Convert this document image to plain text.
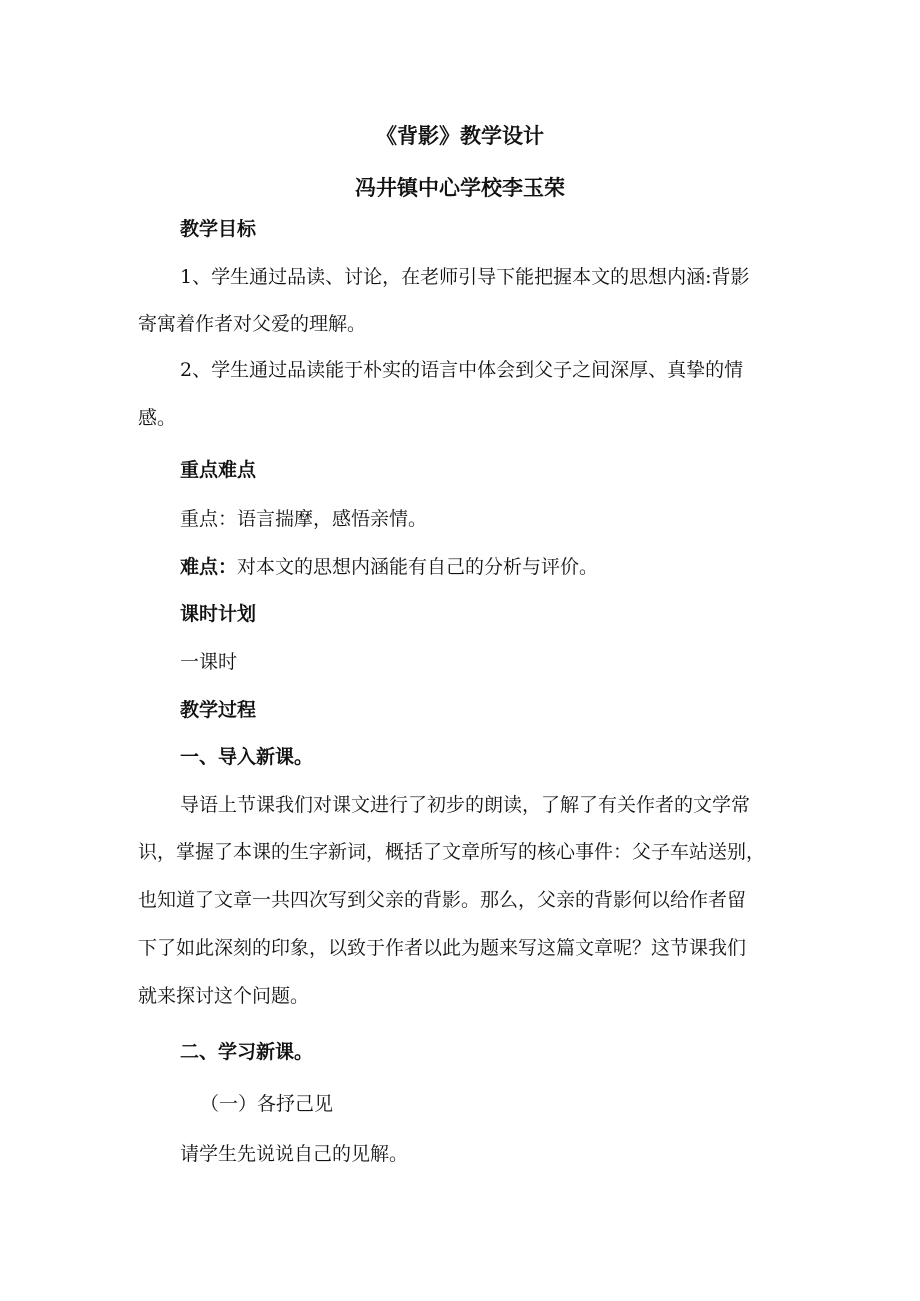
《背影》教学设计
冯井镇中心学校李玉荣
教学目标
1、学生通过品读、讨论，在老师引导下能把握本文的思想内涵:背影
寄寓着作者对父爱的理解。
2、学生通过品读能于朴实的语言中体会到父子之间深厚、真挚的情
感。
重点难点
重点：语言揣摩，感悟亲情。
难点：对本文的思想内涵能有自己的分析与评价。
课时计划
一课时
教学过程
一、导入新课。
导语上节课我们对课文进行了初步的朗读，了解了有关作者的文学常
识，掌握了本课的生字新词，概括了文章所写的核心事件：父子车站送别，
也知道了文章一共四次写到父亲的背影。那么，父亲的背影何以给作者留
下了如此深刻的印象，以致于作者以此为题来写这篇文章呢？这节课我们
就来探讨这个问题。
二、学习新课。
（一）各抒己见
请学生先说说自己的见解。
